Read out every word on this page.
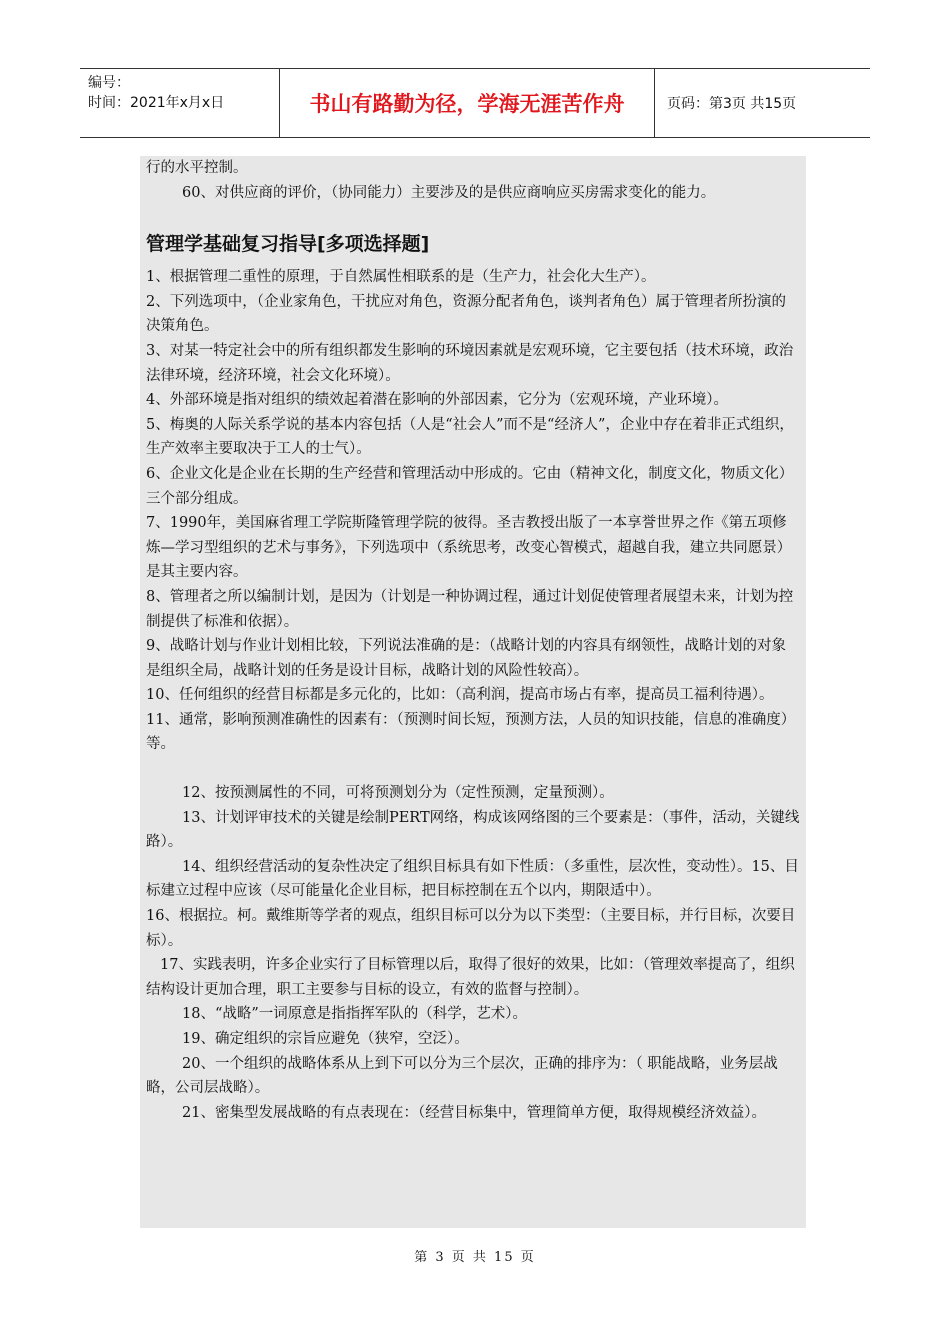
编号：
时间：2021年x月x日	书山有路勤为径，学海无涯苦作舟	页码：第3页 共15页

行的水平控制。

60、对供应商的评价，（协同能力）主要涉及的是供应商响应买房需求变化的能力。

管理学基础复习指导[多项选择题]

1、根据管理二重性的原理，于自然属性相联系的是（生产力，社会化大生产）。

2、下列选项中，（企业家角色，干扰应对角色，资源分配者角色，谈判者角色）属于管理者所扮演的决策角色。

3、对某一特定社会中的所有组织都发生影响的环境因素就是宏观环境，它主要包括（技术环境，政治法律环境，经济环境，社会文化环境）。

4、外部环境是指对组织的绩效起着潜在影响的外部因素，它分为（宏观环境，产业环境）。

5、梅奥的人际关系学说的基本内容包括（人是“社会人”而不是“经济人”，企业中存在着非正式组织，生产效率主要取决于工人的士气）。

6、企业文化是企业在长期的生产经营和管理活动中形成的。它由（精神文化，制度文化，物质文化）三个部分组成。

7、1990年，美国麻省理工学院斯隆管理学院的彼得。圣吉教授出版了一本享誉世界之作《第五项修炼—学习型组织的艺术与事务》，下列选项中（系统思考，改变心智模式，超越自我，建立共同愿景）是其主要内容。

8、管理者之所以编制计划，是因为（计划是一种协调过程，通过计划促使管理者展望未来，计划为控制提供了标准和依据）。

9、战略计划与作业计划相比较，下列说法准确的是：（战略计划的内容具有纲领性，战略计划的对象是组织全局，战略计划的任务是设计目标，战略计划的风险性较高）。

10、任何组织的经营目标都是多元化的，比如：（高利润，提高市场占有率，提高员工福利待遇）。

11、通常，影响预测准确性的因素有：（预测时间长短，预测方法，人员的知识技能，信息的准确度）等。

12、按预测属性的不同，可将预测划分为（定性预测，定量预测）。

13、计划评审技术的关键是绘制PERT网络，构成该网络图的三个要素是：（事件，活动，关键线路）。

14、组织经营活动的复杂性决定了组织目标具有如下性质：（多重性，层次性，变动性）。15、目标建立过程中应该（尽可能量化企业目标，把目标控制在五个以内，期限适中）。

16、根据拉。柯。戴维斯等学者的观点，组织目标可以分为以下类型：（主要目标，并行目标，次要目标）。

17、实践表明，许多企业实行了目标管理以后，取得了很好的效果，比如：（管理效率提高了，组织结构设计更加合理，职工主要参与目标的设立，有效的监督与控制）。

18、“战略”一词原意是指指挥军队的（科学，艺术）。

19、确定组织的宗旨应避免（狭窄，空泛）。

20、一个组织的战略体系从上到下可以分为三个层次，正确的排序为：（ 职能战略，业务层战略，公司层战略）。

21、密集型发展战略的有点表现在：（经营目标集中，管理简单方便，取得规模经济效益）。

第 3 页 共 15 页
